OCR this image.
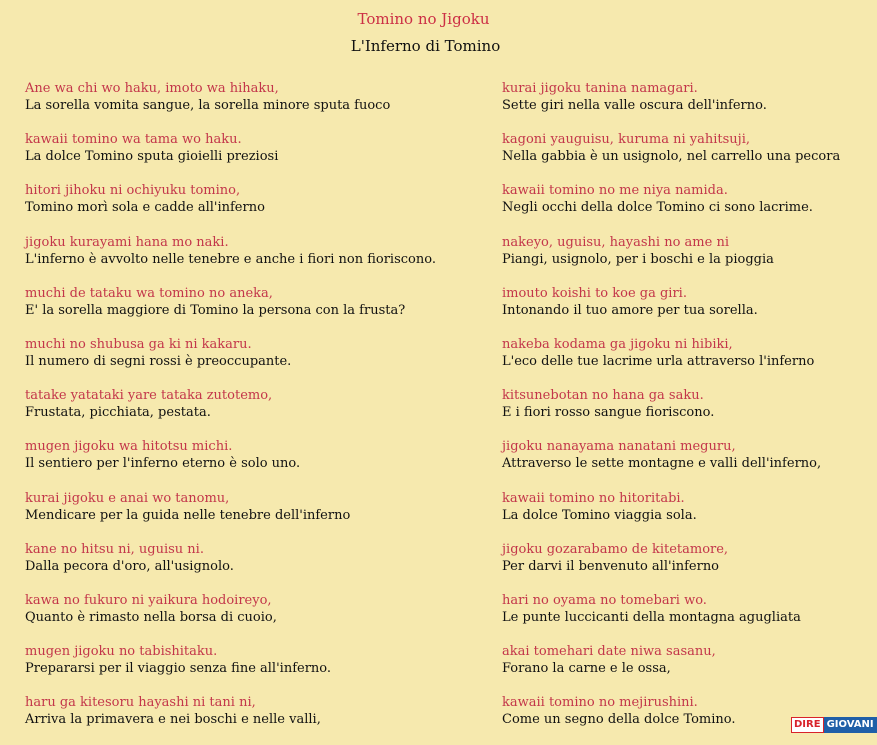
Tomino no Jigoku
L'Inferno di Tomino
Ane wa chi wo haku, imoto wa hihaku,
La sorella vomita sangue, la sorella minore sputa fuoco
kawaii tomino wa tama wo haku.
La dolce Tomino sputa gioielli preziosi
hitori jihoku ni ochiyuku tomino,
Tomino morì sola e cadde all'inferno
jigoku kurayami hana mo naki.
L'inferno è avvolto nelle tenebre e anche i fiori non fioriscono.
muchi de tataku wa tomino no aneka,
E' la sorella maggiore di Tomino la persona con la frusta?
muchi no shubusa ga ki ni kakaru.
Il numero di segni rossi è preoccupante.
tatake yatataki yare tataka zutotemo,
Frustata, picchiata, pestata.
mugen jigoku wa hitotsu michi.
Il sentiero per l'inferno eterno è solo uno.
kurai jigoku e anai wo tanomu,
Mendicare per la guida nelle tenebre dell'inferno
kane no hitsu ni, uguisu ni.
Dalla pecora d'oro, all'usignolo.
kawa no fukuro ni yaikura hodoireyo,
Quanto è rimasto nella borsa di cuoio,
mugen jigoku no tabishitaku.
Prepararsi per il viaggio senza fine all'inferno.
haru ga kitesoru hayashi ni tani ni,
Arriva la primavera e nei boschi e nelle valli,
kurai jigoku tanina namagari.
Sette giri nella valle oscura dell'inferno.
kagoni yauguisu, kuruma ni yahitsuji,
Nella gabbia è un usignolo, nel carrello una pecora
kawaii tomino no me niya namida.
Negli occhi della dolce Tomino ci sono lacrime.
nakeyo, uguisu, hayashi no ame ni
Piangi, usignolo, per i boschi e la pioggia
imouto koishi to koe ga giri.
Intonando il tuo amore per tua sorella.
nakeba kodama ga jigoku ni hibiki,
L'eco delle tue lacrime urla attraverso l'inferno
kitsunebotan no hana ga saku.
E i fiori rosso sangue fioriscono.
jigoku nanayama nanatani meguru,
Attraverso le sette montagne e valli dell'inferno,
kawaii tomino no hitoritabi.
La dolce Tomino viaggia sola.
jigoku gozarabamo de kitetamore,
Per darvi il benvenuto all'inferno
hari no oyama no tomebari wo.
Le punte luccicanti della montagna agugliata
akai tomehari date niwa sasanu,
Forano la carne e le ossa,
kawaii tomino no mejirushini.
Come un segno della dolce Tomino.	DIRE GIOVANI
